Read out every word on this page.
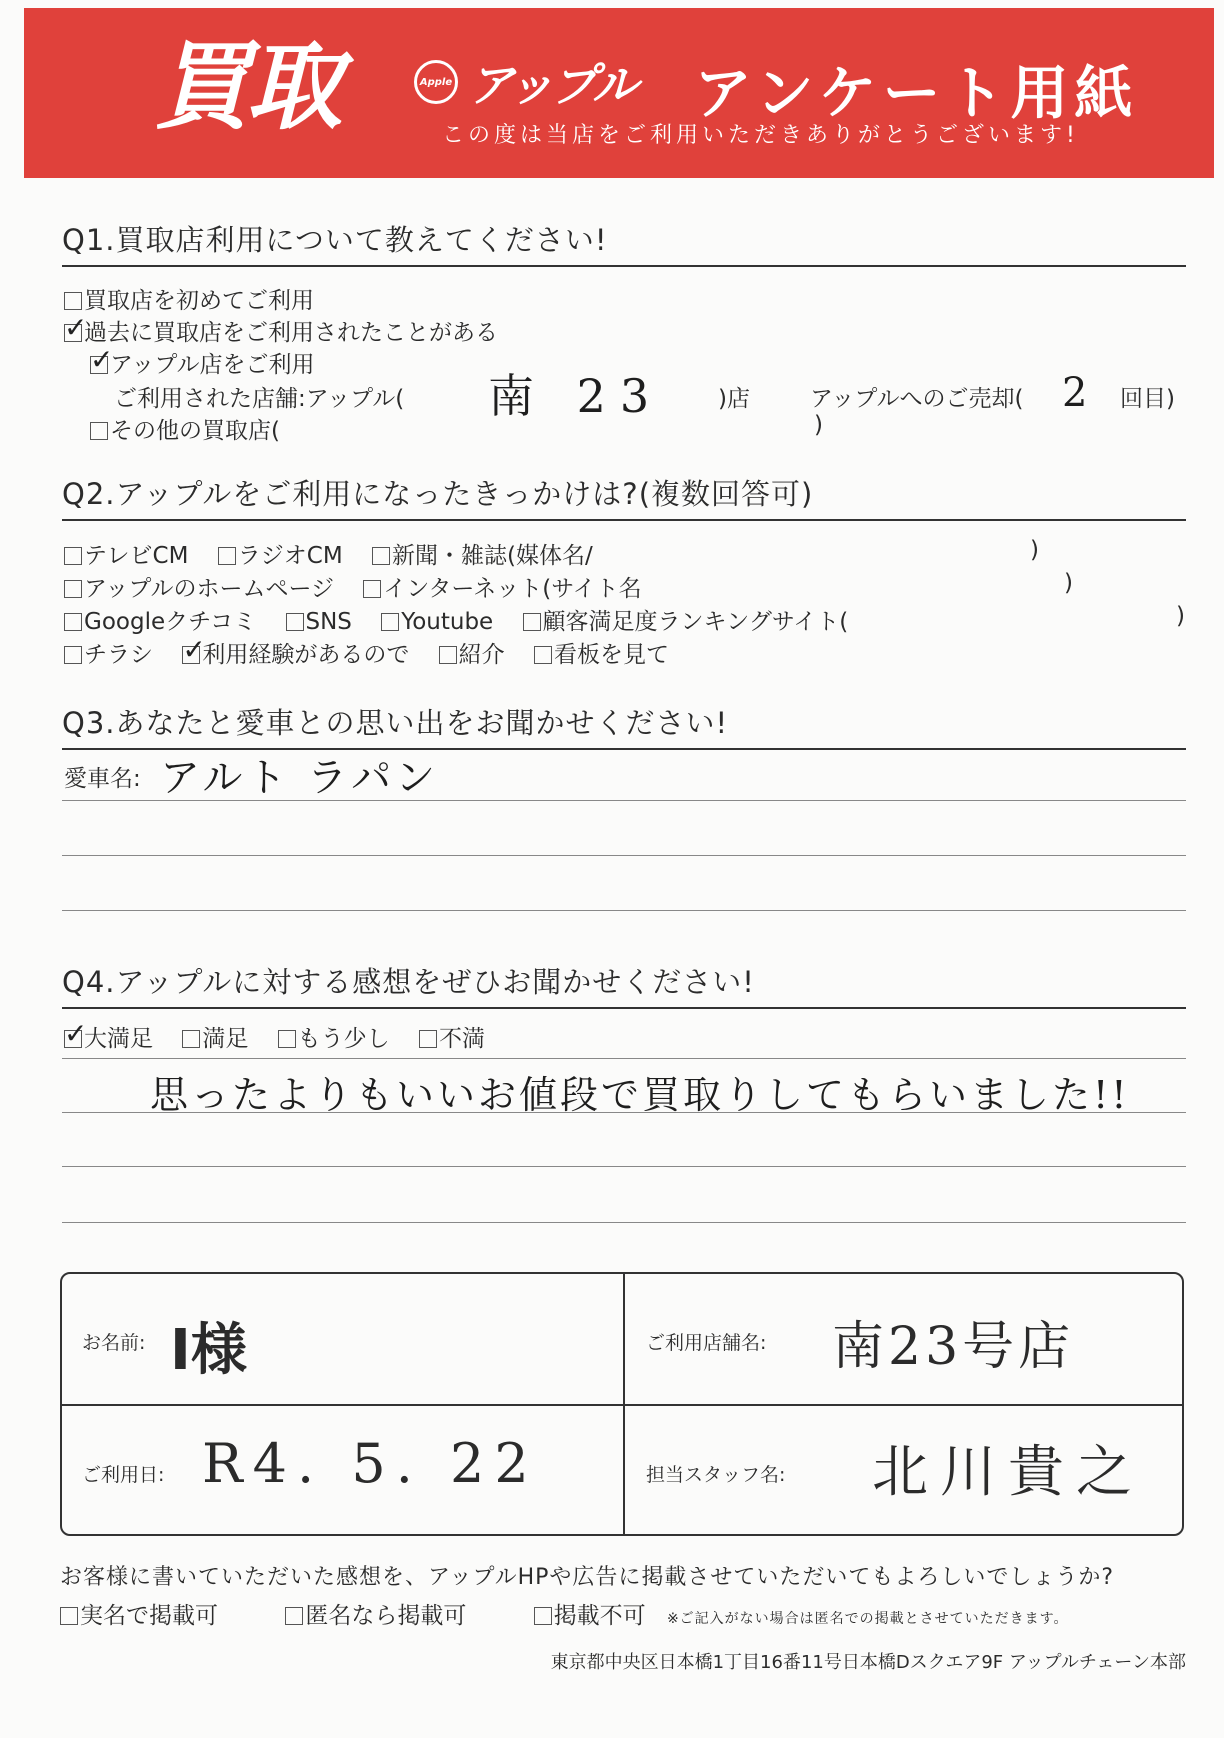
買取	Apple アップル アンケート用紙
この度は当店をご利用いただきありがとうございます!
Q1.買取店利用について教えてください!
買取店を初めてご利用
✓過去に買取店をご利用されたことがある
✓アップル店をご利用
ご利用された店舗:アップル( 南 23 )店	アップルへのご売却( 2 回目)
その他の買取店(	)
Q2.アップルをご利用になったきっかけは?(複数回答可)
テレビCM ラジオCM 新聞・雑誌(媒体名/	)
アップルのホームページ インターネット(サイト名	)
Googleクチコミ SNS Youtube 顧客満足度ランキングサイト(	)
チラシ ✓ 利用経験があるので 紹介 看板を見て
Q3.あなたと愛車との思い出をお聞かせください!
愛車名: アルト ラパン
Q4.アップルに対する感想をぜひお聞かせください!
✓大満足 満足 もう少し 不満
思ったよりもいいお値段で買取りしてもらいました!!
お名前: I様	ご利用店舗名: 南23号店
ご利用日: R4. 5. 22	担当スタッフ名: 北川貴之
お客様に書いていただいた感想を、アップルHPや広告に掲載させていただいてもよろしいでしょうか?
実名で掲載可	匿名なら掲載可	掲載不可 ※ご記入がない場合は匿名での掲載とさせていただきます。
東京都中央区日本橋1丁目16番11号日本橋Dスクエア9F アップルチェーン本部
